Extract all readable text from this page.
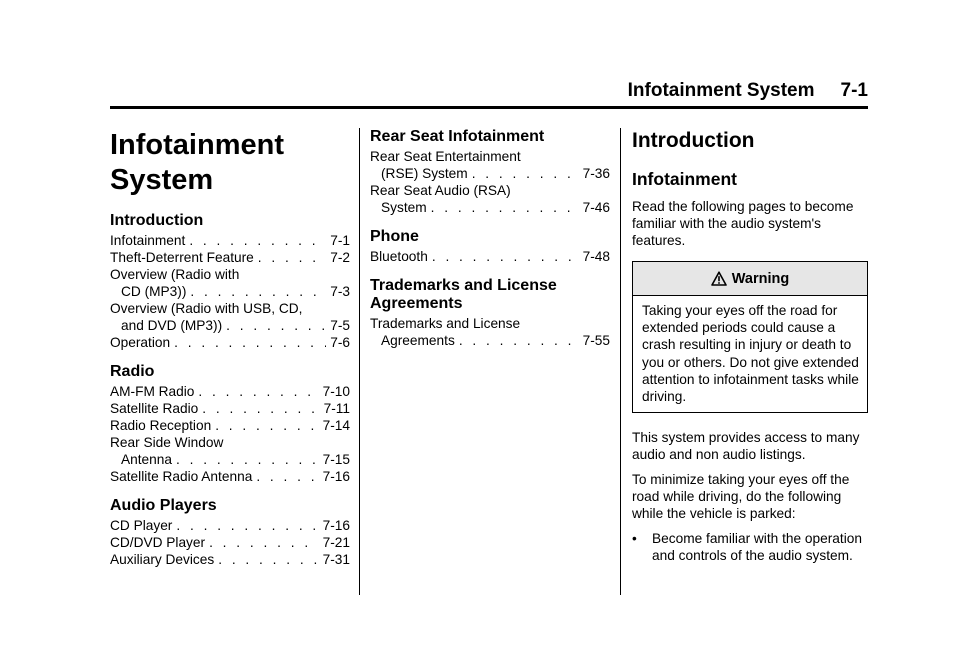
Infotainment System 7-1
Infotainment
System
Introduction
Infotainment . . .	7-1
Theft-Deterrent Feature . . .	7-2
Overview (Radio with
CD (MP3)) . . .	7-3
Overview (Radio with USB, CD,
and DVD (MP3)) . . .	7-5
Operation . . .	7-6
Radio
AM-FM Radio . . .	7-10
Satellite Radio . . .	7-11
Radio Reception . . .	7-14
Rear Side Window
Antenna . . .	7-15
Satellite Radio Antenna . . .	7-16
Audio Players
CD Player . . .	7-16
CD/DVD Player . . .	7-21
Auxiliary Devices . . .	7-31
Rear Seat Infotainment
Rear Seat Entertainment
(RSE) System . . .	7-36
Rear Seat Audio (RSA)
System . . .	7-46
Phone
Bluetooth . . .	7-48
Trademarks and License Agreements
Trademarks and License
Agreements . . .	7-55
Introduction
Infotainment

Read the following pages to become familiar with the audio system's features.

Warning
Taking your eyes off the road for extended periods could cause a crash resulting in injury or death to you or others. Do not give extended attention to infotainment tasks while driving.

This system provides access to many audio and non audio listings.

To minimize taking your eyes off the road while driving, do the following while the vehicle is parked:

•	Become familiar with the operation and controls of the audio system.
